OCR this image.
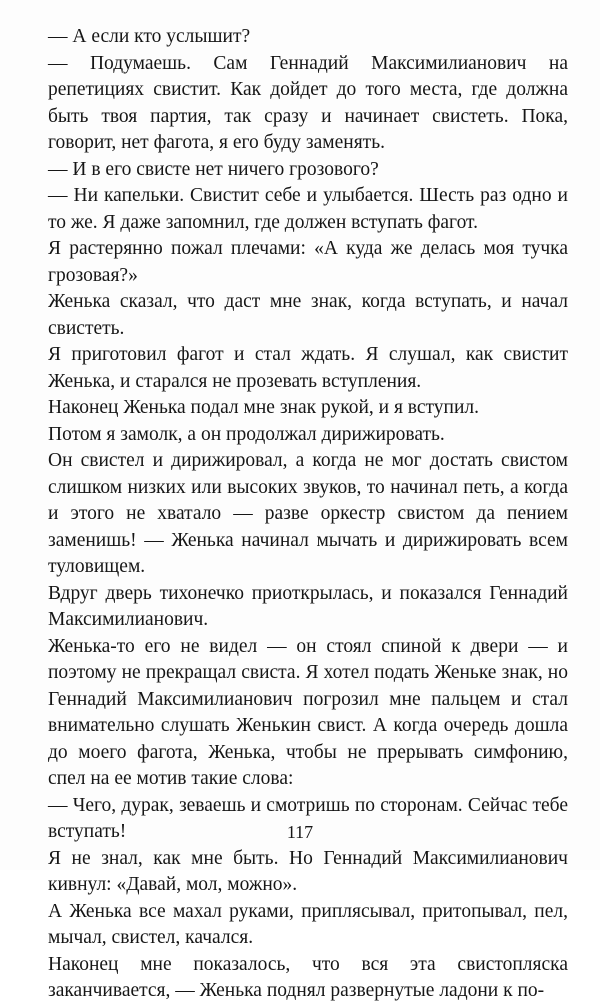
— А если кто услышит?

— Подумаешь. Сам Геннадий Максимилианович на репетициях свистит. Как дойдет до того места, где должна быть твоя партия, так сразу и начинает свистеть. Пока, говорит, нет фагота, я его буду заменять.

— И в его свисте нет ничего грозового?

— Ни капельки. Свистит себе и улыбается. Шесть раз одно и то же. Я даже запомнил, где должен вступать фагот.

Я растерянно пожал плечами: «А куда же делась моя тучка грозовая?»

Женька сказал, что даст мне знак, когда вступать, и начал свистеть.

Я приготовил фагот и стал ждать. Я слушал, как свистит Женька, и старался не прозевать вступления.

Наконец Женька подал мне знак рукой, и я вступил.

Потом я замолк, а он продолжал дирижировать.

Он свистел и дирижировал, а когда не мог достать свистом слишком низких или высоких звуков, то начинал петь, а когда и этого не хватало — разве оркестр свистом да пением заменишь! — Женька начинал мычать и дирижировать всем туловищем.

Вдруг дверь тихонечко приоткрылась, и показался Геннадий Максимилианович.

Женька-то его не видел — он стоял спиной к двери — и поэтому не прекращал свиста. Я хотел подать Женьке знак, но Геннадий Максимилианович погрозил мне пальцем и стал внимательно слушать Женькин свист. А когда очередь дошла до моего фагота, Женька, чтобы не прерывать симфонию, спел на ее мотив такие слова:

— Чего, дурак, зеваешь и смотришь по сторонам. Сейчас тебе вступать!

Я не знал, как мне быть. Но Геннадий Максимилианович кивнул: «Давай, мол, можно».

А Женька все махал руками, приплясывал, притопывал, пел, мычал, свистел, качался.

Наконец мне показалось, что вся эта свистопляска заканчивается, — Женька поднял развернутые ладони к по-

117
